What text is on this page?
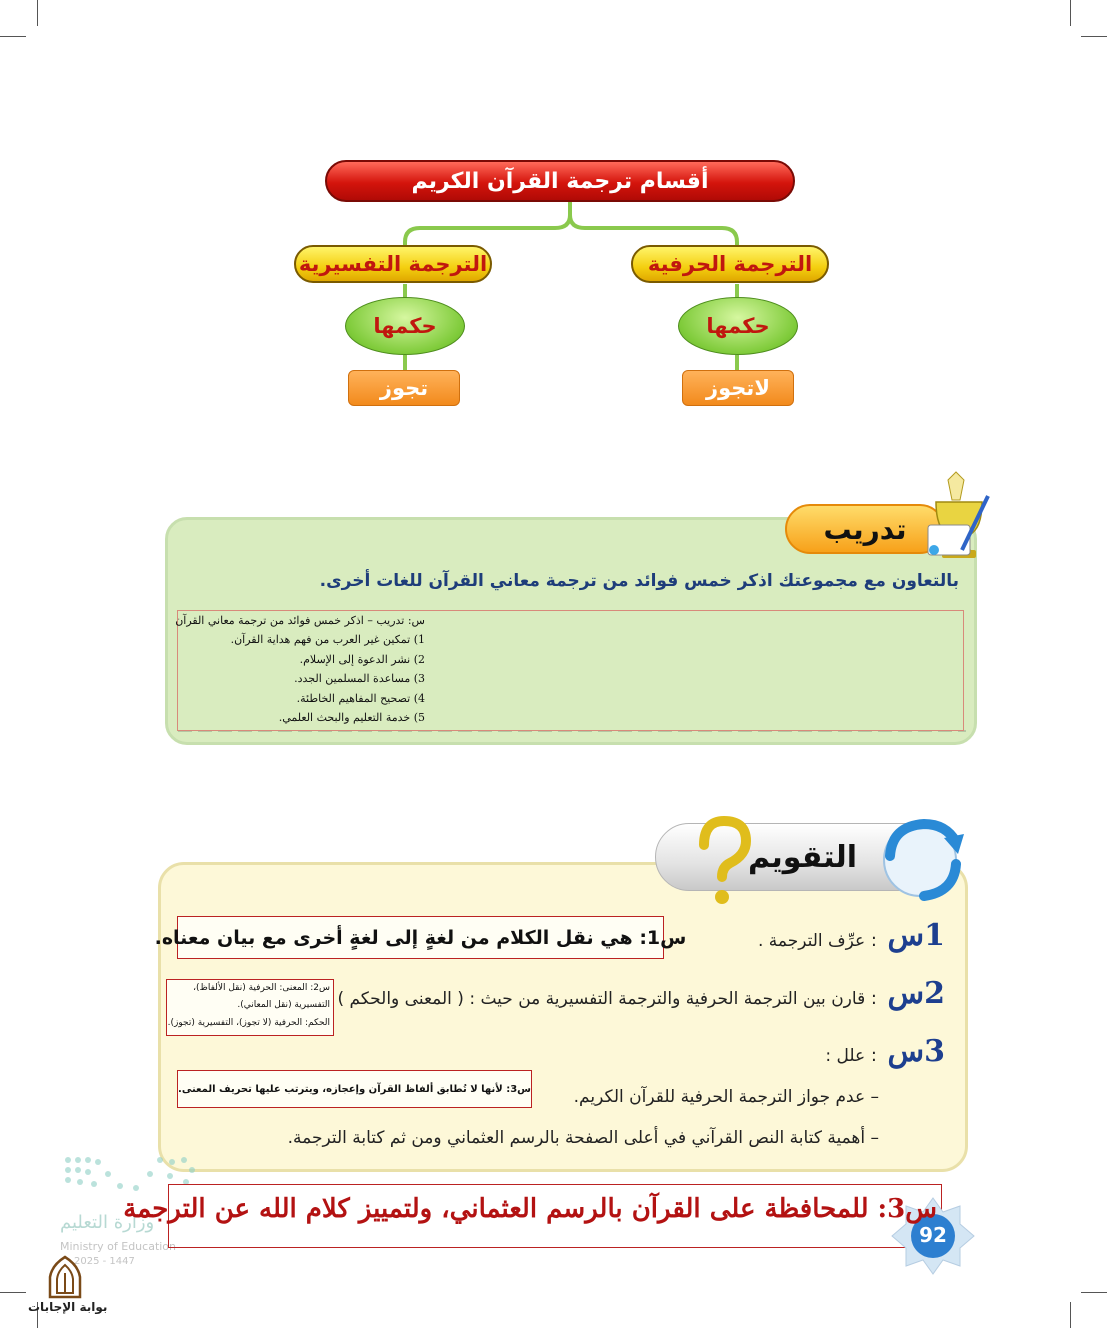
أقسام ترجمة القرآن الكريم
الترجمة الحرفية
الترجمة التفسيرية
حكمها
حكمها
لاتجوز
تجوز
تدريب
بالتعاون مع مجموعتك اذكر خمس فوائد من ترجمة معاني القرآن للغات أخرى.
س: تدريب – اذكر خمس فوائد من ترجمة معاني القرآن
1) تمكين غير العرب من فهم هداية القرآن.
2) نشر الدعوة إلى الإسلام.
3) مساعدة المسلمين الجدد.
4) تصحيح المفاهيم الخاطئة.
5) خدمة التعليم والبحث العلمي.
التقويم
1س
: عرِّف الترجمة .
2س
: قارن بين الترجمة الحرفية والترجمة التفسيرية من حيث : ( المعنى والحكم )
3س
: علل :
– عدم جواز الترجمة الحرفية للقرآن الكريم.
– أهمية كتابة النص القرآني في أعلى الصفحة بالرسم العثماني ومن ثم كتابة الترجمة.
س1: هي نقل الكلام من لغةٍ إلى لغةٍ أخرى مع بيان معناه.
س2: المعنى: الحرفية (نقل الألفاظ)،
التفسيرية (نقل المعاني).
الحكم: الحرفية (لا تجوز)، التفسيرية (تجوز).
س3: لأنها لا تُطابق ألفاظ القرآن وإعجازه، ويترتب عليها تحريف المعنى.
وزارة التعليم
Ministry of Education
2025 - 1447
92
س3: للمحافظة على القرآن بالرسم العثماني، ولتمييز كلام الله عن الترجمة
بوابة الإجابات
